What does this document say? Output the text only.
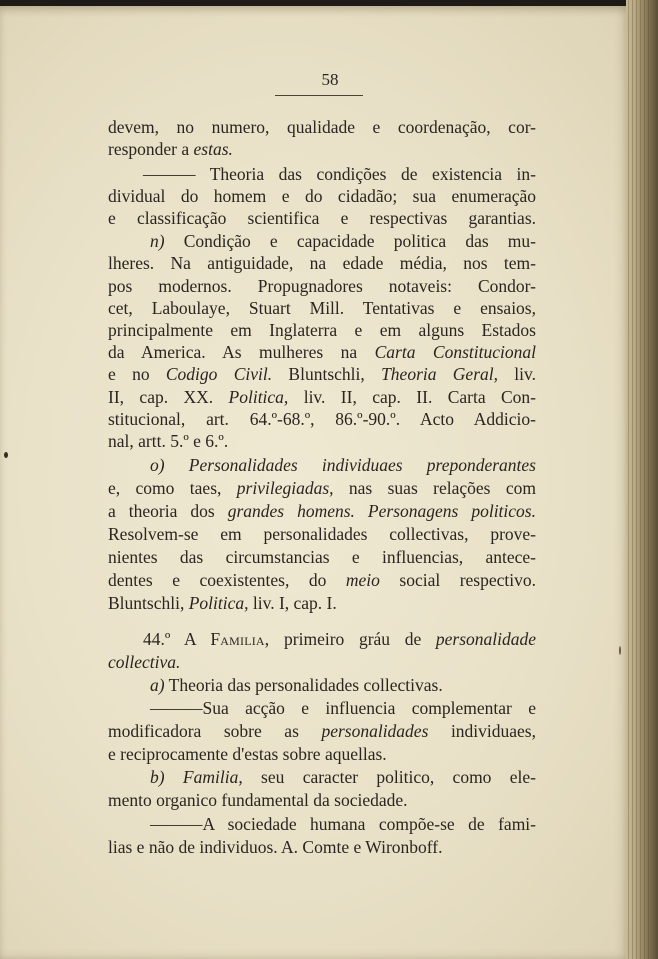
58
devem, no numero, qualidade e coordenação, cor-
responder a estas.
——— Theoria das condições de existencia in-
dividual do homem e do cidadão; sua enumeração
e classificação scientifica e respectivas garantias.
n) Condição e capacidade politica das mu-
lheres. Na antiguidade, na edade média, nos tem-
pos modernos. Propugnadores notaveis: Condor-
cet, Laboulaye, Stuart Mill. Tentativas e ensaios,
principalmente em Inglaterra e em alguns Estados
da America. As mulheres na Carta Constitucional
e no Codigo Civil. Bluntschli, Theoria Geral, liv.
II, cap. XX. Politica, liv. II, cap. II. Carta Con-
stitucional, art. 64.º-68.º, 86.º-90.º. Acto Addicio-
nal, artt. 5.º e 6.º.
o) Personalidades individuaes preponderantes
e, como taes, privilegiadas, nas suas relações com
a theoria dos grandes homens. Personagens politicos.
Resolvem-se em personalidades collectivas, prove-
nientes das circumstancias e influencias, antece-
dentes e coexistentes, do meio social respectivo.
Bluntschli, Politica, liv. I, cap. I.
44.º A Familia, primeiro gráu de personalidade
collectiva.
a) Theoria das personalidades collectivas.
———Sua acção e influencia complementar e
modificadora sobre as personalidades individuaes,
e reciprocamente d'estas sobre aquellas.
b) Familia, seu caracter politico, como ele-
mento organico fundamental da sociedade.
———A sociedade humana compõe-se de fami-
lias e não de individuos. A. Comte e Wironboff.
